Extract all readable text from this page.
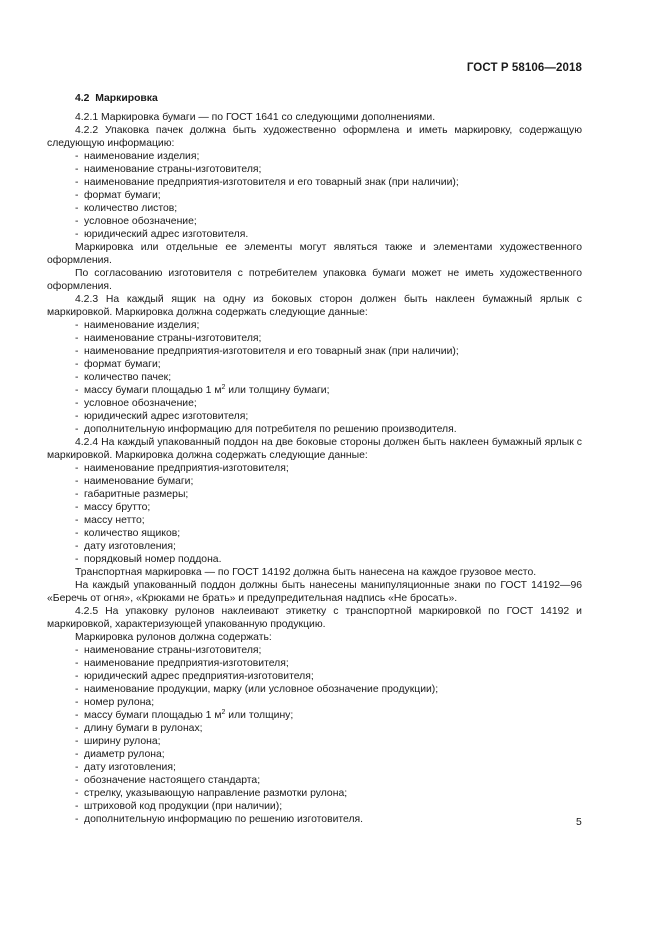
ГОСТ Р 58106—2018
4.2 Маркировка

4.2.1 Маркировка бумаги — по ГОСТ 1641 со следующими дополнениями.

4.2.2 Упаковка пачек должна быть художественно оформлена и иметь маркировку, содержащую следующую информацию:

- наименование изделия;
- наименование страны-изготовителя;
- наименование предприятия-изготовителя и его товарный знак (при наличии);
- формат бумаги;
- количество листов;
- условное обозначение;
- юридический адрес изготовителя.

Маркировка или отдельные ее элементы могут являться также и элементами художественного оформления.

По согласованию изготовителя с потребителем упаковка бумаги может не иметь художественного оформления.

4.2.3 На каждый ящик на одну из боковых сторон должен быть наклеен бумажный ярлык с маркировкой. Маркировка должна содержать следующие данные:

- наименование изделия;
- наименование страны-изготовителя;
- наименование предприятия-изготовителя и его товарный знак (при наличии);
- формат бумаги;
- количество пачек;
- массу бумаги площадью 1 $м^2$ или толщину бумаги;
- условное обозначение;
- юридический адрес изготовителя;
- дополнительную информацию для потребителя по решению производителя.

4.2.4 На каждый упакованный поддон на две боковые стороны должен быть наклеен бумажный ярлык с маркировкой. Маркировка должна содержать следующие данные:

- наименование предприятия-изготовителя;
- наименование бумаги;
- габаритные размеры;
- массу брутто;
- массу нетто;
- количество ящиков;
- дату изготовления;
- порядковый номер поддона.

Транспортная маркировка — по ГОСТ 14192 должна быть нанесена на каждое грузовое место.

На каждый упакованный поддон должны быть нанесены манипуляционные знаки по ГОСТ 14192—96 «Беречь от огня», «Крюками не брать» и предупредительная надпись «Не бросать».

4.2.5 На упаковку рулонов наклеивают этикетку с транспортной маркировкой по ГОСТ 14192 и маркировкой, характеризующей упакованную продукцию.

Маркировка рулонов должна содержать:

- наименование страны-изготовителя;
- наименование предприятия-изготовителя;
- юридический адрес предприятия-изготовителя;
- наименование продукции, марку (или условное обозначение продукции);
- номер рулона;
- массу бумаги площадью 1 $м^2$ или толщину;
- длину бумаги в рулонах;
- ширину рулона;
- диаметр рулона;
- дату изготовления;
- обозначение настоящего стандарта;
- стрелку, указывающую направление размотки рулона;
- штриховой код продукции (при наличии);
- дополнительную информацию по решению изготовителя.	5
